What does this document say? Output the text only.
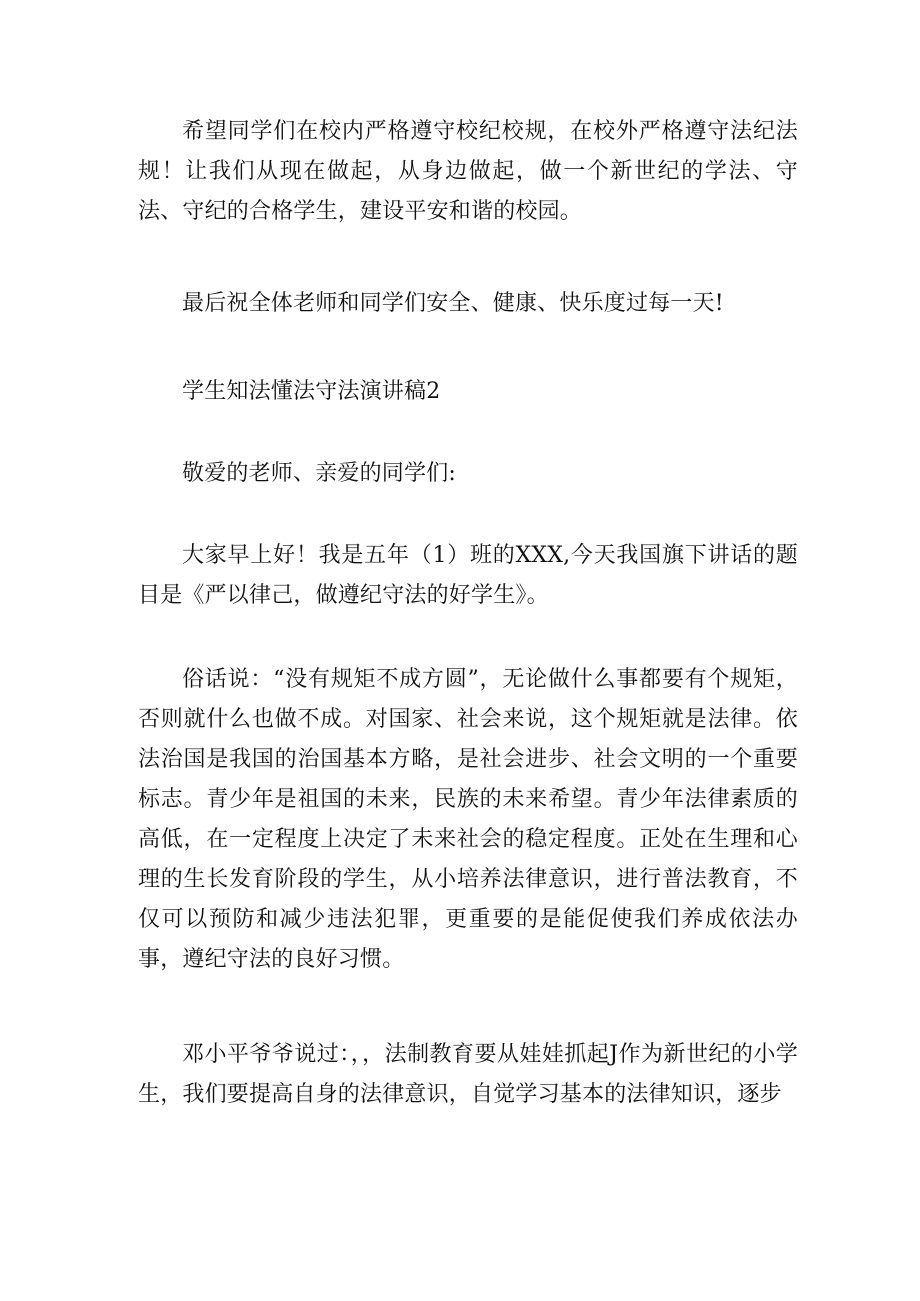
希望同学们在校内严格遵守校纪校规，在校外严格遵守法纪法规！让我们从现在做起，从身边做起，做一个新世纪的学法、守法、守纪的合格学生，建设平安和谐的校园。

最后祝全体老师和同学们安全、健康、快乐度过每一天!

学生知法懂法守法演讲稿2

敬爱的老师、亲爱的同学们:

大家早上好！我是五年（1）班的XXX,今天我国旗下讲话的题目是《严以律己，做遵纪守法的好学生》。

俗话说：“没有规矩不成方圆”，无论做什么事都要有个规矩，否则就什么也做不成。对国家、社会来说，这个规矩就是法律。依法治国是我国的治国基本方略，是社会进步、社会文明的一个重要标志。青少年是祖国的未来，民族的未来希望。青少年法律素质的高低，在一定程度上决定了未来社会的稳定程度。正处在生理和心理的生长发育阶段的学生，从小培养法律意识，进行普法教育，不仅可以预防和减少违法犯罪，更重要的是能促使我们养成依法办事，遵纪守法的良好习惯。

邓小平爷爷说过：，，法制教育要从娃娃抓起J作为新世纪的小学生，我们要提高自身的法律意识，自觉学习基本的法律知识，逐步
